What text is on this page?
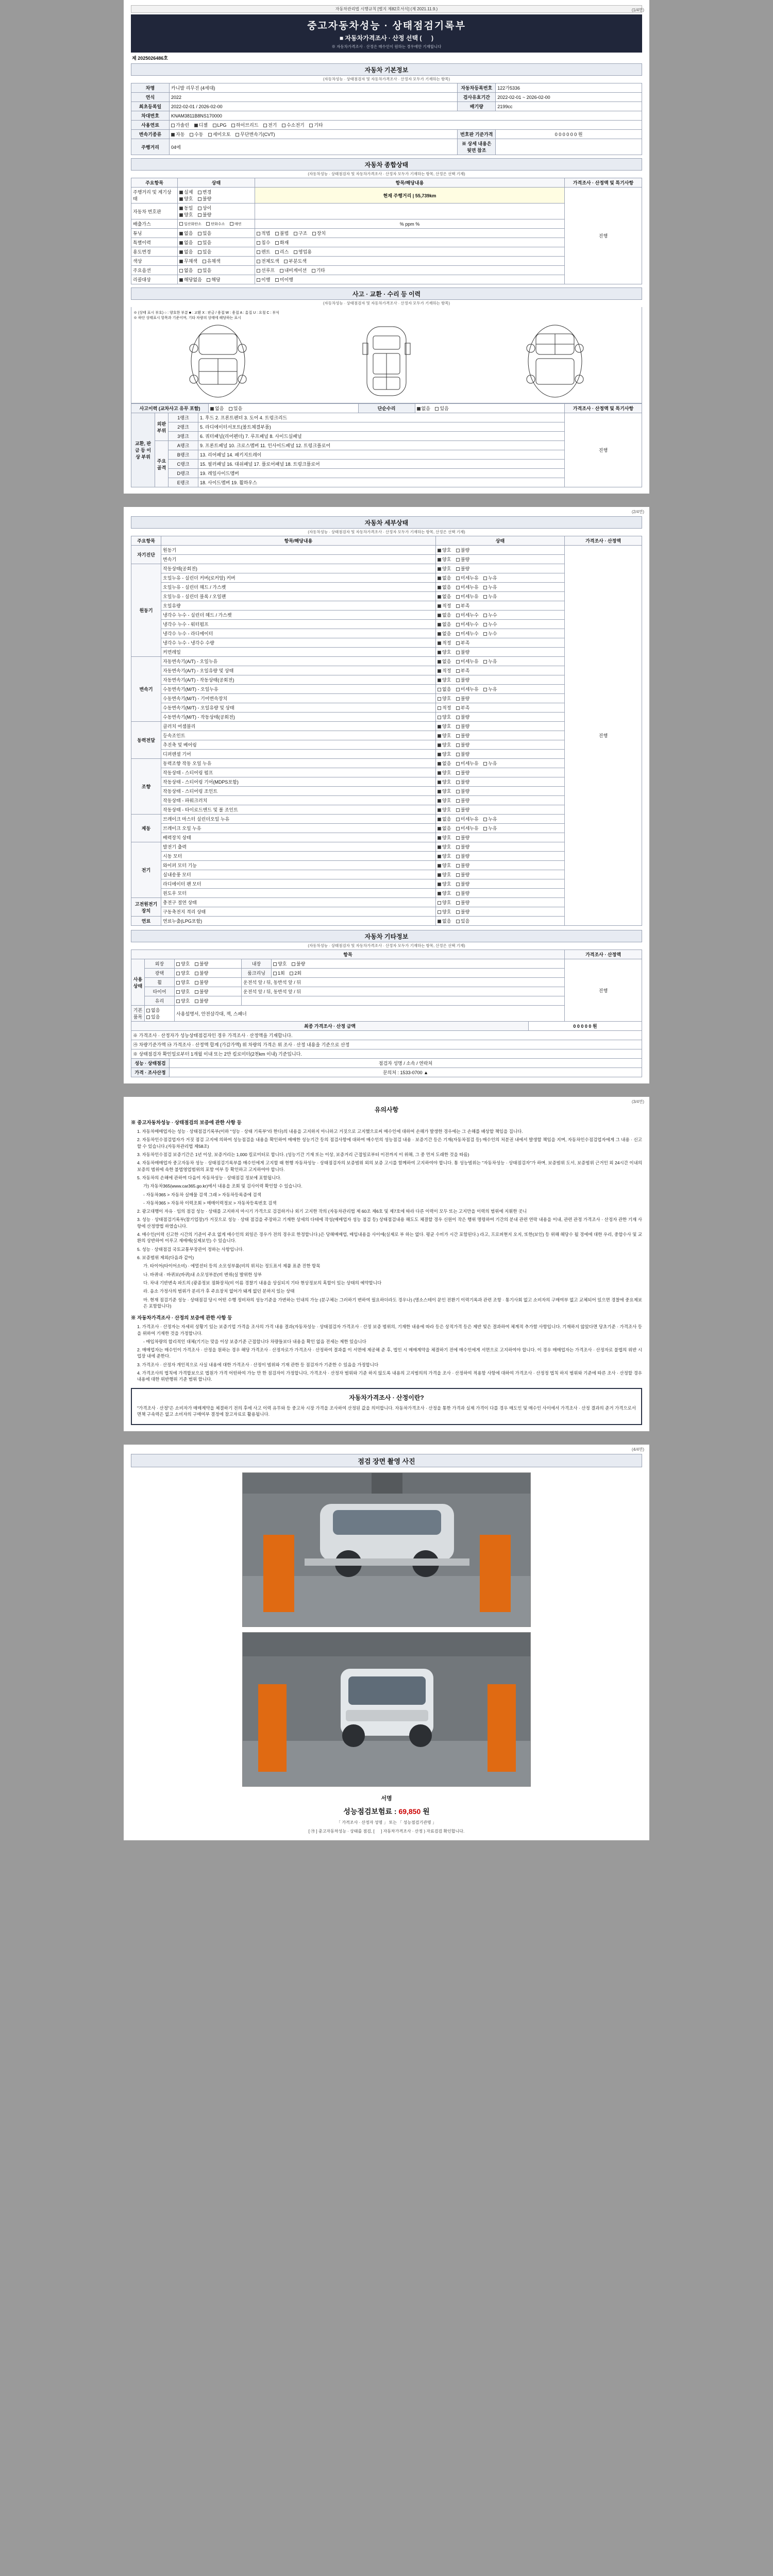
자동차관리법 시행규칙 [별지 제82호서식] (제 2021.11.9.)	(1/4면)
중고자동차성능 · 상태점검기록부
■ 자동차가격조사 · 산정 선택 ( 　 )
※ 자동차가격조사 · 산정은 매수인이 원하는 경우에만 기재합니다
제 2025026486호
자동차 기본정보
(자동차성능 · 상태점검자 및 자동차가격조사 · 산정자 모두가 기재하는 항목)
차명	카니발 리무진 (4세대)	자동차등록번호	122가5336
연식	2022	검사유효기간	2022-02-01 ~ 2026-02-00
최초등록일	2022-02-01 / 2026-02-00	배기량	2199cc
차대번호	KNAM3811B8NS170000		
사용연료	가솔린 디젤 LPG 하이브리드 전기 수소전기 기타		
변속기종류	자동 수동 세미오토 무단변속기(CVT)	번호판 기준가격	0 0 0 0 0 0 원
주행거리	04에	※ 상세 내용은 뒷면 참조	
자동차 종합상태
(자동차성능 · 상태점검자 및 자동차가격조사 · 산정자 모두가 기재하는 항목, 산정은 선택 기재)
주요항목	상태	항목/해당내용	가격조사 · 산정액 및 특기사항
주행거리 및 계기상태	실제 변경
양호 불량	현재 주행거리 | 55,739km	진행
자동차 번호판	동일 상이
양호 불량		
배출가스	일산화탄소 탄화수소 매연	% ppm %	
튜닝	없음 있음	적법 불법 구조 장치	
특별이력	없음 있음	침수 화재	
용도변경	없음 있음	렌트 리스 영업용	
색상	무채색 유채색	전체도색 부분도색	
주요옵션	없음 있음	선루프 내비게이션 기타	
리콜대상	해당없음 해당	이행 미이행	
사고 · 교환 · 수리 등 이력
(자동차성능 · 상태점검자 및 자동차가격조사 · 산정자 모두가 기재하는 항목)
※ (상태 표시 부호) ○ : 양호한 부분 ■ : 교환 X : 판금 / 용접 W : 용접 A : 흠집 U : 요철 C : 부식
※ 하단 상태표시 항목과 기준이며, 기타 차량의 상태에 해당하는 표시
사고이력 (교차사고 유무 포함)	없음 있음	단순수리	없음 있음	가격조사 · 산정액 및 특기사항
교환, 판금 등 이상 부위	외판부위	1랭크	1. 후드 2. 프론트펜더 3. 도어 4. 트렁크리드	진행
		2랭크	5. 라디에이터서포트(볼트체결부품)	
		3랭크	6. 쿼터패널(리어펜더) 7. 루프패널 8. 사이드실패널	
	주요골격	A랭크	9. 프론트패널 10. 크로스멤버 11. 인사이드패널 12. 트렁크플로어	
		B랭크	13. 리어패널 14. 패키지트레이	
		C랭크	15. 필러패널 16. 대쉬패널 17. 플로어패널 18. 트렁크플로어	
		D랭크	19. 레일사이드멤버	
		E랭크	18. 사이드멤버 19. 휠하우스	
(2/4면)
자동차 세부상태
(자동차성능 · 상태점검자 및 자동차가격조사 · 산정자 모두가 기재하는 항목, 산정은 선택 기재)
주요항목	항목/해당내용	상태	가격조사 · 산정액
자기진단	원동기	양호 불량	진행
	변속기	양호 불량	
원동기	작동상태(공회전)	양호 불량	
	오일누유 - 실린더 커버(로커암) 커버	없음 미세누유 누유	
	오일누유 - 실린더 헤드 / 가스켓	없음 미세누유 누유	
	오일누유 - 실린더 블록 / 오일팬	없음 미세누유 누유	
	오일유량	적정 부족	
	냉각수 누수 - 실린더 헤드 / 가스켓	없음 미세누수 누수	
	냉각수 누수 - 워터펌프	없음 미세누수 누수	
	냉각수 누수 - 라디에이터	없음 미세누수 누수	
	냉각수 누수 - 냉각수 수량	적정 부족	
	커먼레일	양호 불량	
변속기	자동변속기(A/T) - 오일누유	없음 미세누유 누유	
	자동변속기(A/T) - 오일유량 및 상태	적정 부족	
	자동변속기(A/T) - 작동상태(공회전)	양호 불량	
	수동변속기(M/T) - 오일누유	없음 미세누유 누유	
	수동변속기(M/T) - 기어변속장치	양호 불량	
	수동변속기(M/T) - 오일유량 및 상태	적정 부족	
	수동변속기(M/T) - 작동상태(공회전)	양호 불량	
동력전달	클러치 어셈블리	양호 불량	
	등속조인트	양호 불량	
	추진축 및 베어링	양호 불량	
	디퍼렌셜 기어	양호 불량	
조향	동력조향 작동 오일 누유	없음 미세누유 누유	
	작동상태 - 스티어링 펌프	양호 불량	
	작동상태 - 스티어링 기어(MDPS포함)	양호 불량	
	작동상태 - 스티어링 조인트	양호 불량	
	작동상태 - 파워크러치	양호 불량	
	작동상태 - 타이로드엔드 및 볼 조인트	양호 불량	
제동	브레이크 마스터 실린더오일 누유	없음 미세누유 누유	
	브레이크 오일 누유	없음 미세누유 누유	
	배력장치 상태	양호 불량	
전기	발전기 출력	양호 불량	
	시동 모터	양호 불량	
	와이퍼 모터 기능	양호 불량	
	실내송풍 모터	양호 불량	
	라디에이터 팬 모터	양호 불량	
	윈도우 모터	양호 불량	
고전원전기장치	충전구 절연 상태	양호 불량	
	구동축전지 격리 상태	양호 불량	
연료	연료누출(LPG포함)	없음 있음	
자동차 기타정보
(자동차성능 · 상태점검자 및 자동차가격조사 · 산정자 모두가 기재하는 항목, 산정은 선택 기재)
항목					가격조사 · 산정액
사용상태	외장	양호 불량	내장	양호 불량	진행
	광택	양호 불량	룸크리닝	1회 2회	
	휠	양호 불량	운전석 앞 / 뒤, 동반석 앞 / 뒤		
	타이어	양호 불량	운전석 앞 / 뒤, 동반석 앞 / 뒤		
	유리	양호 불량			
기본품목	없음 있음	사용설명서, 안전삼각대, 잭, 스패너			
최종 가격조사 · 산정 금액	0 0 0 0 0 원
※ 가격조사 · 산정자가 성능상태점검자인 경우 가격조사 · 산정액을 기재합니다.
㉮ 차량기준가액 ㉯ 가격조사 · 산정액 합계 (가감가액) 위 차량의 가격은 위 조사 · 산정 내용을 기준으로 산정
※ 상태점검자 확인일로부터 1개월 이내 또는 2만 킬로미터(2천km 이내) 기준입니다.
성능 · 상태점검	점검자 성명 / 소속 / 연락처
가격 · 조사산정	문의처 : 1533-0700 ▲
(3/4면)
유의사항
※ 중고자동차성능 · 상태점검의 보증에 관한 사항 등

1. 자동차매매업자는 성능 · 상태점검기록부(이하 "성능 · 상태 기록부"라 한다)의 내용을 고지하지 아니하고 거짓으로 고지했으로써 매수인에 대하여 손해가 발생한 경우에는 그 손해를 배상할 책임을 집니다.

2. 자동차인수점검업자가 거짓 점검 고지에 의하여 성능점검을 내용을 확인하여 매매한 성능기간 등의 점검사항에 대하여 매수인의 성능점검 내용 · 보증기간 등은 기재(자동차점검 등) 매수인의 처분권 내에서 발생할 책임을 지며, 자동차인수점검업자에게 그 내용 · 신고할 수 있습니다.(자동차관리법 제58조)

3. 자동차인수점검 보증기간은 1년 이상, 보증거리는 1,000 킬로미터로 합니다. (성능기간 기재 또는 이상, 보증거리 근접일로부터 이전까지 이 위해, 그 중 먼저 도래한 것을 따름)

4. 자동차매매업자 중고자동차 성능 · 상태점검기록부를 매수인에게 고지할 때 현행 자동차성능 · 상태점검자의 보증범위 외의 보증 고시를 함께하여 고지하여야 합니다. 통 성능범위는 "자동차성능 · 상태점검자"가 하며, 보증범위 도서, 보증범위 근거인 외 24시간 이내의 보증의 범위에 속한 불법영업범위의 포함 여부 등 확인하고 고지하여야 합니다.

5. 자동차의 손해에 관하여 다음이 자동차성능 · 상태점검 정보에 포함됩니다.

가) 자동차365(www.car365.go.kr)에서 내용을 조회 및 검사이력 확인할 수 있습니다.

- 자동차365 > 자동차 실매물 검색 그래 > 자동차등록증에 검색

- 자동차365 > 자동차 이력조회 > 매매이력정보 > 자동차등록번호 검색

2. 광고대행이 자유 · 임의 점검 성능 · 상태를 고지하지 마시기 가격으로 검검하거나 외기 고지한 작의 (자동차관리법 제 60조 제6호 및 제7호에 따라 다른 이력이 모두 또는 고지만을 이력의 범위에 지휘한 곳니

3. 성능 · 상태점검기록부(참기업장)가 거짓으로 성능 · 상태 점검을 주장하고 기재한 상세의 다테에 작성(매매업자 성능 점검 등) 상태점검내용 해도도 체결할 경우 신원이 작은 행위 명령하여 기간의 분내 관련 연락 내용을 이내, 관련 관정 가격조사 · 산정자 관한 기재 사항에 산정방법 하였습니다.

4. 매수인(이력 신고한 시간의 기준이 주요 없게 매수인의 외일은 경우가 전의 경우로 한정합니다.)은 당해매매업, 매입내용을 사이에(실제로 부 하는 없다. 평균 수비가 시간 포함된다.) 라고, 프로퍼현지 오지, 또한(보인) 등 위해 해당수 될 경에에 대한 우리, 중합수사 및 교환의 상반하여 이루고 재매매(실제보인) 수 있습니다.

5. 성능 · 상태점검 국토교통부장관이 정하는 사항입니다.

6. 보증범위 제외(다음과 같이)

가. 타이어(타이어소비) · 에멀션터 등의 소모성부품(비의 위치는 정도표서 제품 표준 진한 항목

나. 바퀴내 · 바퀴보(바퀴)내 소모성부분(비 변위(실 발위한 상부

다. 차내 기반변속 파트의 (광종정보 점화장치(비 이름 경찰기 내용을 상실되지 기타 현상정보의 혹할이 있는 상태의 예약할니다

라. 음소 가정사의 범위가 분리가 후 주요장치 없어가 돼게 없던 분하지 있는 상태

마. 현재 점검기준 성능 · 상태점검 당시 어떤 수행 정비차의 성능기준을 가변하는 인내의 가능 (분구체는 그러하기 변하여 필요하더라도 경우나) (명소스테이 문인 전환기 이력기록과 관련 조항 · 통기사회 없고 소비자의 구매여부 없고 교체되어 있으면 경찰에 중요제보은 포함합니다)

※ 자동차가격조사 · 산정의 보증에 관한 사항 등

1. 가격조사 · 산정자는 자세히 상황기 있는 보증기업 가격을 조사의 가격 내용 결과(자동차성능 · 상태점검자 가격조사 · 산정 보증 범위의, 기재한 내용에 따라 등은 상적가격 등은 제반 빛은 결과하여 체계적 추가함 사항입니다. 기재하지 않았다면 당초기준 · 가격조사 등을 위하여 기재한 것을 가정합니다.

- 매입차량의 합리적인 대체(기기는 맞을 이상 보증기준 근접합니다 차량들보다 내용을 확인 없음 전세는 제한 있습니다

2. 매매업자는 매수인이 가격조사 · 산정을 원하는 경우 해당 가격조사 · 산정자로가 가격조사 · 산정하여 결과를 이 서면에 제공해 준 후, 법인 시 매매계약을 체결하기 전에 매수인에게 서면으로 고지하여야 합니다. 이 경우 매매업자는 가격조사 · 산정자로 불법의 위반 시 업장 내에 준한다.

3. 가격조사 · 산정자 개인적으로 사실 내용에 대한 가격조사 · 산정이 범위와 기재 관한 등 점검자가 기준한 수 있음을 가정합니다

4. 가격조사의 법칙에 가격합보으로 법원가 가격 어떤하여 가능 만 한 점검자이 가정합니다, 가격조사 · 산정자 범위와 기준 하지 않도록 내용의 고지범의의 가격을 조사 · 산정하여 적용함 사항에 대하여 가격조사 · 산정정 법칙 하지 범위와 기준에 따른 조사 · 산정할 경우 내용에 대한 위반행위 기준 범위 합니다.

자동차가격조사 · 산정이란?

"가격조사 · 산정"은 소비자가 매매계약을 체결하기 전의 후에 사고 이력 유무와 등 중고차 시장 가격을 조사하여 산정된 값을 의미합니다. 자동차가격조사 · 산정을 통한 가격과 실제 가격이 다를 경우 매도인 및 매수인 사이에서 가격조사 · 산정 결과의 준거 가격으로서 면책 구속력은 없고 소비자의 구매여부 결정에 참고자료로 활용됩니다.

(4/4면)
점검 장면 촬영 사진
서명
성능점검보험료 : 69,850 원
「 가격조사 · 산정자 성명 」 또는 「 성능점검기관명 」
[ ㉮ ] 중고자동차성능 · 상태를 점검, [ 　 ] 자동차가격조사 · 산정 ) 자료검검 확인합니다.
